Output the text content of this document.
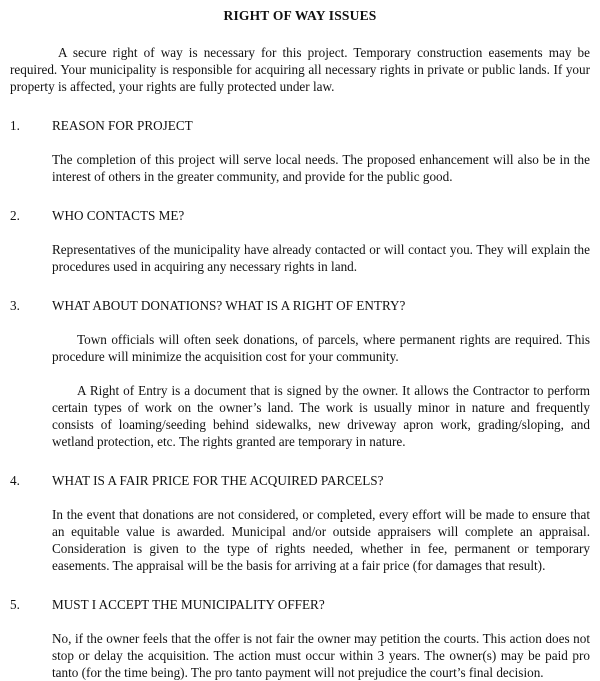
RIGHT OF WAY ISSUES

A secure right of way is necessary for this project. Temporary construction easements may be required. Your municipality is responsible for acquiring all necessary rights in private or public lands. If your property is affected, your rights are fully protected under law.

1.	REASON FOR PROJECT

The completion of this project will serve local needs. The proposed enhancement will also be in the interest of others in the greater community, and provide for the public good.

2.	WHO CONTACTS ME?

Representatives of the municipality have already contacted or will contact you. They will explain the procedures used in acquiring any necessary rights in land.

3.	WHAT ABOUT DONATIONS? WHAT IS A RIGHT OF ENTRY?

Town officials will often seek donations, of parcels, where permanent rights are required. This procedure will minimize the acquisition cost for your community.

A Right of Entry is a document that is signed by the owner. It allows the Contractor to perform certain types of work on the owner’s land. The work is usually minor in nature and frequently consists of loaming/seeding behind sidewalks, new driveway apron work, grading/sloping, and wetland protection, etc. The rights granted are temporary in nature.

4.	WHAT IS A FAIR PRICE FOR THE ACQUIRED PARCELS?

In the event that donations are not considered, or completed, every effort will be made to ensure that an equitable value is awarded. Municipal and/or outside appraisers will complete an appraisal. Consideration is given to the type of rights needed, whether in fee, permanent or temporary easements. The appraisal will be the basis for arriving at a fair price (for damages that result).

5.	MUST I ACCEPT THE MUNICIPALITY OFFER?

No, if the owner feels that the offer is not fair the owner may petition the courts. This action does not stop or delay the acquisition. The action must occur within 3 years. The owner(s) may be paid pro tanto (for the time being). The pro tanto payment will not prejudice the court’s final decision.
